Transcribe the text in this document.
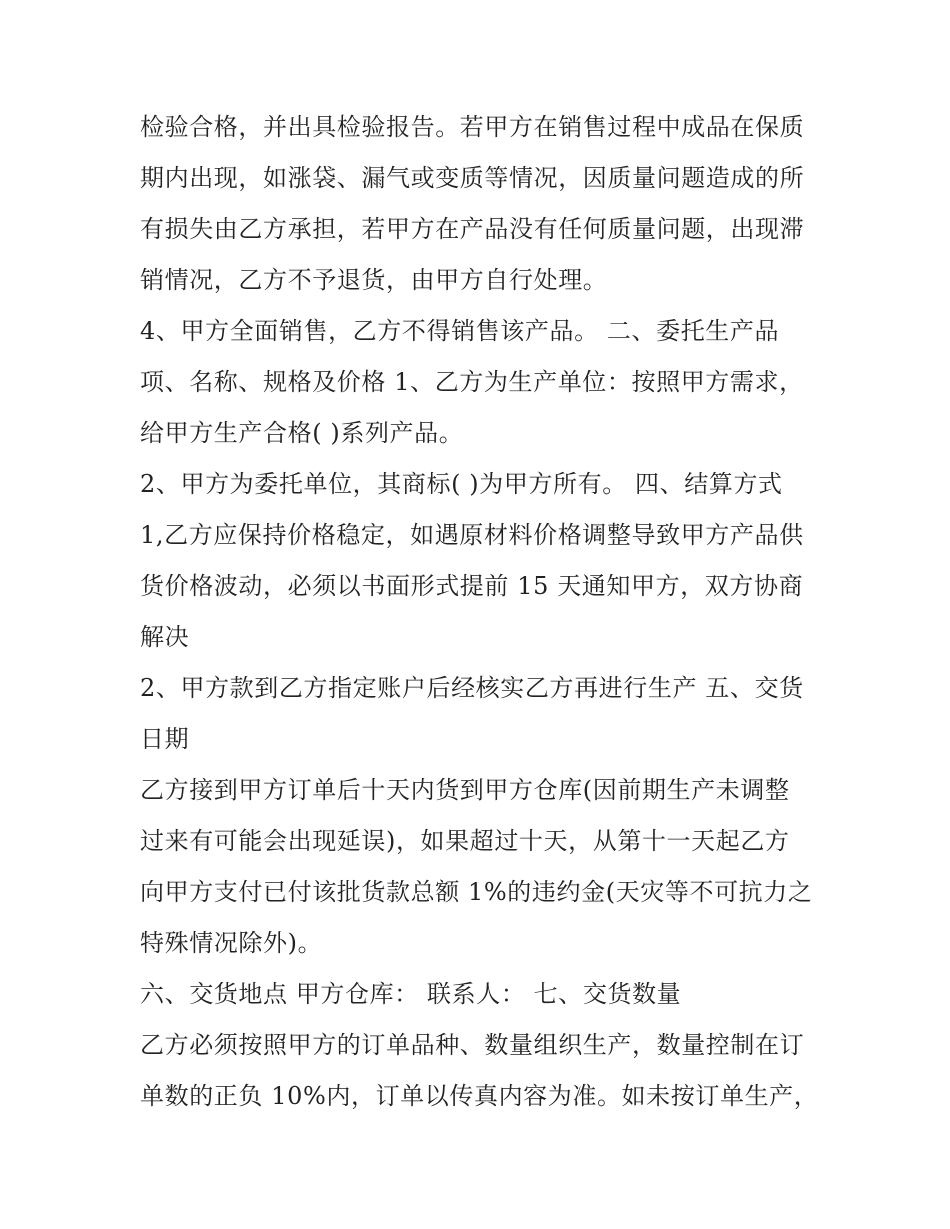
检验合格，并出具检验报告。若甲方在销售过程中成品在保质
期内出现，如涨袋、漏气或变质等情况，因质量问题造成的所
有损失由乙方承担，若甲方在产品没有任何质量问题，出现滞
销情况，乙方不予退货，由甲方自行处理。
4、甲方全面销售，乙方不得销售该产品。 二、委托生产品
项、名称、规格及价格 1、乙方为生产单位：按照甲方需求，
给甲方生产合格( )系列产品。
2、甲方为委托单位，其商标( )为甲方所有。 四、结算方式
1,乙方应保持价格稳定，如遇原材料价格调整导致甲方产品供
货价格波动，必须以书面形式提前 15 天通知甲方，双方协商
解决
2、甲方款到乙方指定账户后经核实乙方再进行生产 五、交货
日期
乙方接到甲方订单后十天内货到甲方仓库(因前期生产未调整
过来有可能会出现延误)，如果超过十天，从第十一天起乙方
向甲方支付已付该批货款总额 1%的违约金(天灾等不可抗力之
特殊情况除外)。
六、交货地点 甲方仓库： 联系人： 七、交货数量
乙方必须按照甲方的订单品种、数量组织生产，数量控制在订
单数的正负 10%内，订单以传真内容为准。如未按订单生产，
